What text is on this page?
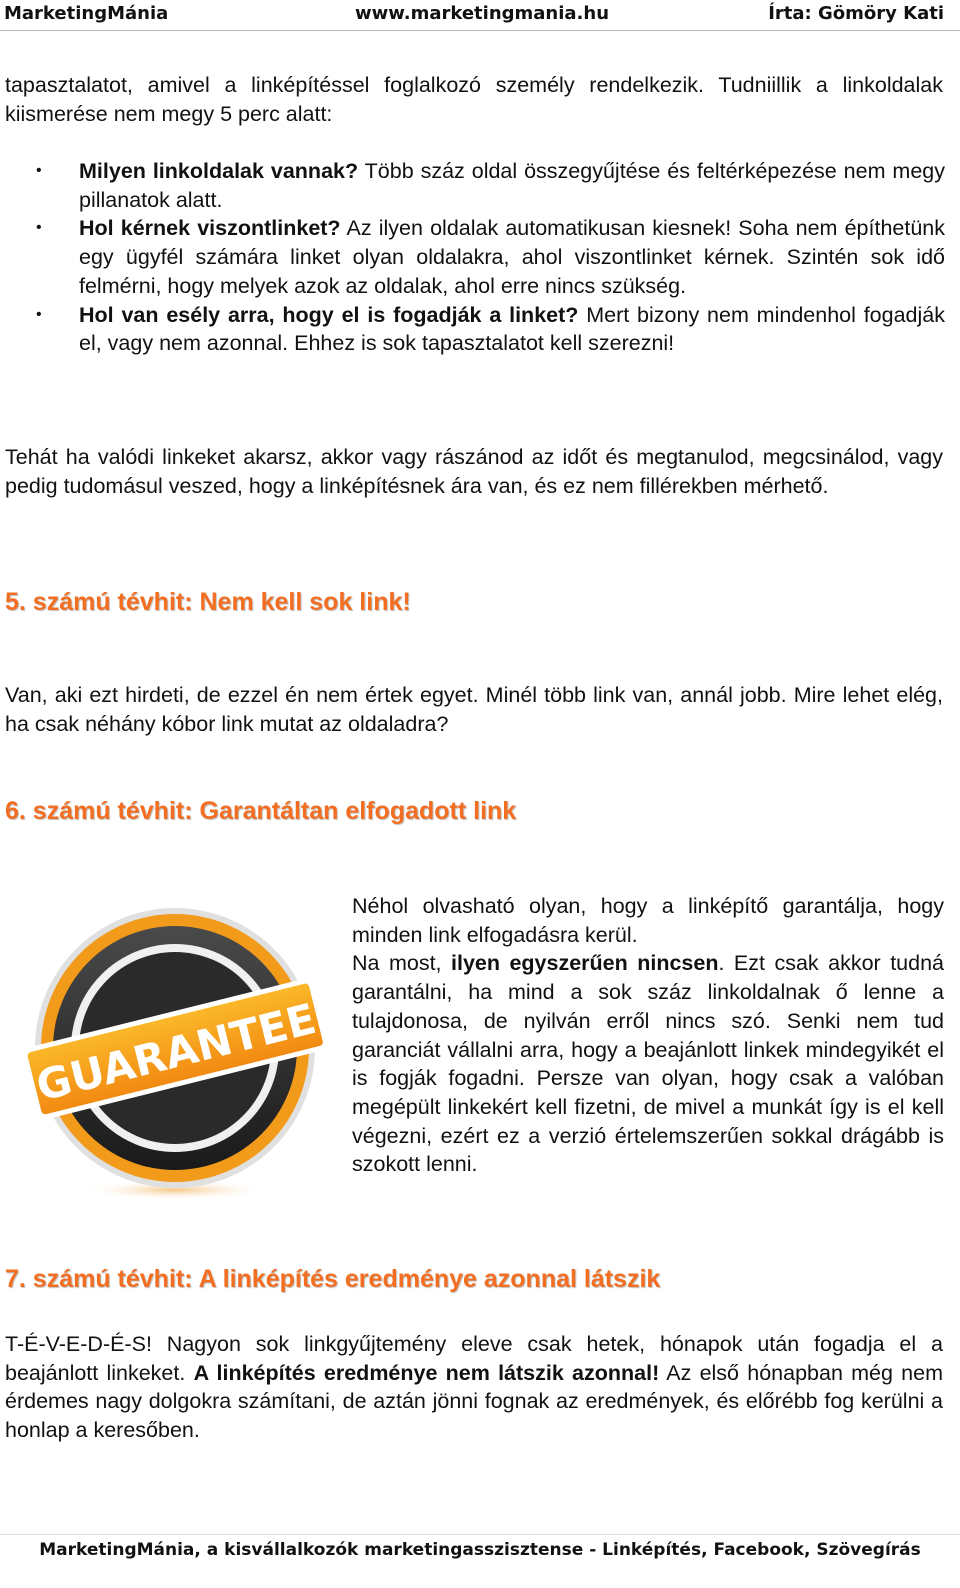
MarketingMánia	www.marketingmania.hu	Írta: Gömöry Kati
tapasztalatot, amivel a linképítéssel foglalkozó személy rendelkezik. Tudniillik a linkoldalak kiismerése nem megy 5 perc alatt:
• Milyen linkoldalak vannak? Több száz oldal összegyűjtése és feltérképezése nem megy pillanatok alatt.
• Hol kérnek viszontlinket? Az ilyen oldalak automatikusan kiesnek! Soha nem építhetünk egy ügyfél számára linket olyan oldalakra, ahol viszontlinket kérnek. Szintén sok idő felmérni, hogy melyek azok az oldalak, ahol erre nincs szükség.
• Hol van esély arra, hogy el is fogadják a linket? Mert bizony nem mindenhol fogadják el, vagy nem azonnal. Ehhez is sok tapasztalatot kell szerezni!
Tehát ha valódi linkeket akarsz, akkor vagy rászánod az időt és megtanulod, megcsinálod, vagy pedig tudomásul veszed, hogy a linképítésnek ára van, és ez nem fillérekben mérhető.
5. számú tévhit: Nem kell sok link!
Van, aki ezt hirdeti, de ezzel én nem értek egyet. Minél több link van, annál jobb. Mire lehet elég, ha csak néhány kóbor link mutat az oldaladra?
6. számú tévhit: Garantáltan elfogadott link
GUARANTEE
Néhol olvasható olyan, hogy a linképítő garantálja, hogy minden link elfogadásra kerül.
Na most, ilyen egyszerűen nincsen. Ezt csak akkor tudná garantálni, ha mind a sok száz linkoldalnak ő lenne a tulajdonosa, de nyilván erről nincs szó. Senki nem tud garanciát vállalni arra, hogy a beajánlott linkek mindegyikét el is fogják fogadni. Persze van olyan, hogy csak a valóban megépült linkekért kell fizetni, de mivel a munkát így is el kell végezni, ezért ez a verzió értelemszerűen sokkal drágább is szokott lenni.
7. számú tévhit: A linképítés eredménye azonnal látszik
T-É-V-E-D-É-S! Nagyon sok linkgyűjtemény eleve csak hetek, hónapok után fogadja el a beajánlott linkeket. A linképítés eredménye nem látszik azonnal! Az első hónapban még nem érdemes nagy dolgokra számítani, de aztán jönni fognak az eredmények, és előrébb fog kerülni a honlap a keresőben.
MarketingMánia, a kisvállalkozók marketingasszisztense - Linképítés, Facebook, Szövegírás
